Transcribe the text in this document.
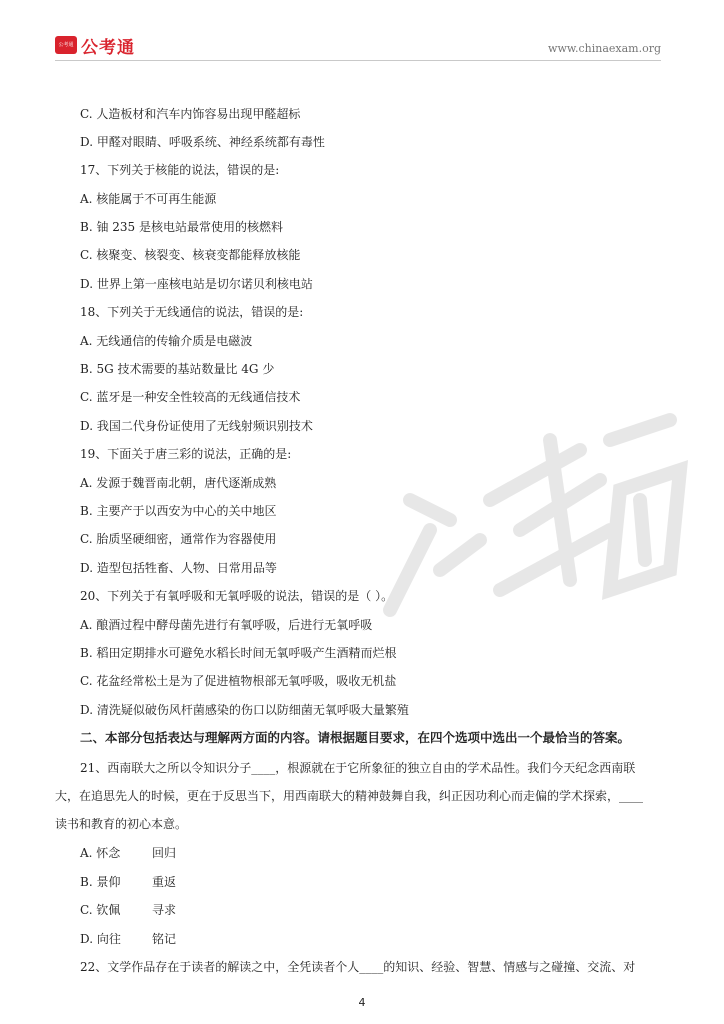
公考通 公考通	www.chinaexam.org
C. 人造板材和汽车内饰容易出现甲醛超标
D. 甲醛对眼睛、呼吸系统、神经系统都有毒性
17、下列关于核能的说法，错误的是:
A. 核能属于不可再生能源
B. 铀 235 是核电站最常使用的核燃料
C. 核聚变、核裂变、核衰变都能释放核能
D. 世界上第一座核电站是切尔诺贝利核电站
18、下列关于无线通信的说法，错误的是:
A. 无线通信的传输介质是电磁波
B. 5G 技术需要的基站数量比 4G 少
C. 蓝牙是一种安全性较高的无线通信技术
D. 我国二代身份证使用了无线射频识别技术
19、下面关于唐三彩的说法，正确的是:
A. 发源于魏晋南北朝，唐代逐渐成熟
B. 主要产于以西安为中心的关中地区
C. 胎质坚硬细密，通常作为容器使用
D. 造型包括牲畜、人物、日常用品等
20、下列关于有氧呼吸和无氧呼吸的说法，错误的是（ ）。
A. 酿酒过程中酵母菌先进行有氧呼吸，后进行无氧呼吸
B. 稻田定期排水可避免水稻长时间无氧呼吸产生酒精而烂根
C. 花盆经常松土是为了促进植物根部无氧呼吸，吸收无机盐
D. 清洗疑似破伤风杆菌感染的伤口以防细菌无氧呼吸大量繁殖
二、本部分包括表达与理解两方面的内容。请根据题目要求，在四个选项中选出一个最恰当的答案。
21、西南联大之所以令知识分子____，根源就在于它所象征的独立自由的学术品性。我们今天纪念西南联
大，在追思先人的时候，更在于反思当下，用西南联大的精神鼓舞自我，纠正因功利心而走偏的学术探索，____
读书和教育的初心本意。
A. 怀念	回归
B. 景仰	重返
C. 钦佩	寻求
D. 向往	铭记
22、文学作品存在于读者的解读之中，全凭读者个人____的知识、经验、智慧、情感与之碰撞、交流、对
4
